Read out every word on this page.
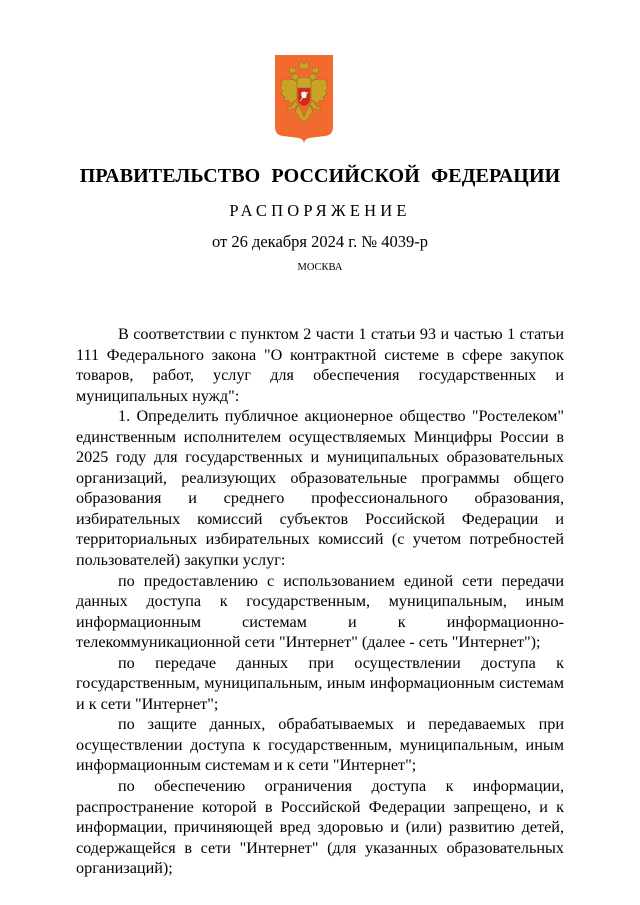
ПРАВИТЕЛЬСТВО РОССИЙСКОЙ ФЕДЕРАЦИИ
РАСПОРЯЖЕНИЕ
от 26 декабря 2024 г. № 4039-р
МОСКВА

В соответствии с пунктом 2 части 1 статьи 93 и частью 1 статьи 111 Федерального закона "О контрактной системе в сфере закупок товаров, работ, услуг для обеспечения государственных и муниципальных нужд":

1. Определить публичное акционерное общество "Ростелеком" единственным исполнителем осуществляемых Минцифры России в 2025 году для государственных и муниципальных образовательных организаций, реализующих образовательные программы общего образования и среднего профессионального образования, избирательных комиссий субъектов Российской Федерации и территориальных избирательных комиссий (с учетом потребностей пользователей) закупки услуг:

по предоставлению с использованием единой сети передачи данных доступа к государственным, муниципальным, иным информационным системам и к информационно-телекоммуникационной сети "Интернет" (далее - сеть "Интернет");

по передаче данных при осуществлении доступа к государственным, муниципальным, иным информационным системам и к сети "Интернет";

по защите данных, обрабатываемых и передаваемых при осуществлении доступа к государственным, муниципальным, иным информационным системам и к сети "Интернет";

по обеспечению ограничения доступа к информации, распространение которой в Российской Федерации запрещено, и к информации, причиняющей вред здоровью и (или) развитию детей, содержащейся в сети "Интернет" (для указанных образовательных организаций);
